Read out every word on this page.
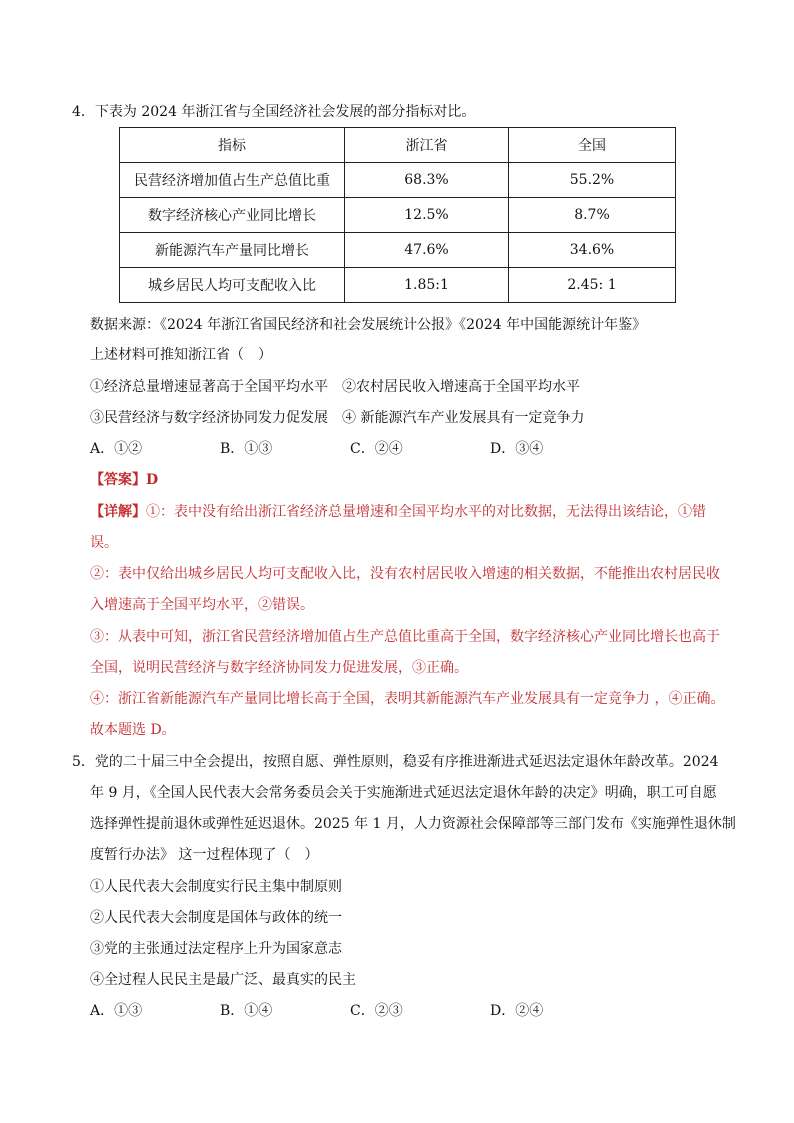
4．下表为 2024 年浙江省与全国经济社会发展的部分指标对比。
指标	浙江省	全国
民营经济增加值占生产总值比重	68.3%	55.2%
数字经济核心产业同比增长	12.5%	8.7%
新能源汽车产量同比增长	47.6%	34.6%
城乡居民人均可支配收入比	1.85:1	2.45: 1
数据来源：《2024 年浙江省国民经济和社会发展统计公报》《2024 年中国能源统计年鉴》
上述材料可推知浙江省（　）
①经济总量增速显著高于全国平均水平　②农村居民收入增速高于全国平均水平
③民营经济与数字经济协同发力促发展　④ 新能源汽车产业发展具有一定竞争力
A．①②	B．①③	C．②④	D．③④
【答案】D
【详解】①：表中没有给出浙江省经济总量增速和全国平均水平的对比数据，无法得出该结论，①错
误。
②：表中仅给出城乡居民人均可支配收入比，没有农村居民收入增速的相关数据，不能推出农村居民收
入增速高于全国平均水平，②错误。
③：从表中可知，浙江省民营经济增加值占生产总值比重高于全国，数字经济核心产业同比增长也高于
全国，说明民营经济与数字经济协同发力促进发展，③正确。
④：浙江省新能源汽车产量同比增长高于全国，表明其新能源汽车产业发展具有一定竞争力 ，④正确。
故本题选 D。
5．党的二十届三中全会提出，按照自愿、弹性原则，稳妥有序推进渐进式延迟法定退休年龄改革。2024
年 9 月，《全国人民代表大会常务委员会关于实施渐进式延迟法定退休年龄的决定》明确，职工可自愿
选择弹性提前退休或弹性延迟退休。2025 年 1 月，人力资源社会保障部等三部门发布《实施弹性退休制
度暂行办法》 这一过程体现了（　）
①人民代表大会制度实行民主集中制原则
②人民代表大会制度是国体与政体的统一
③党的主张通过法定程序上升为国家意志
④全过程人民民主是最广泛、最真实的民主
A．①③	B．①④	C．②③	D．②④
